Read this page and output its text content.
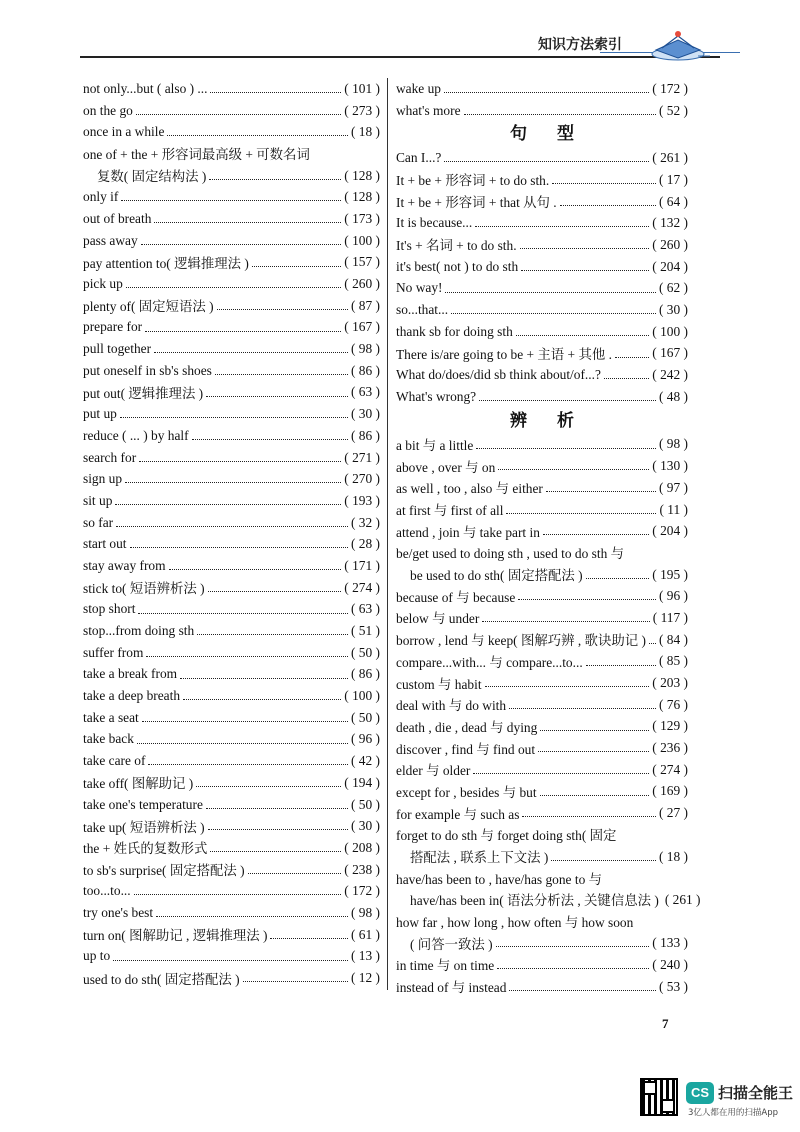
知识方法索引
not only...but ( also ) ...	( 101 )
on the go	( 273 )
once in a while	( 18 )
one of + the + 形容词最高级 + 可数名词
复数( 固定结构法 )	( 128 )
only if	( 128 )
out of breath	( 173 )
pass away	( 100 )
pay attention to( 逻辑推理法 )	( 157 )
pick up	( 260 )
plenty of( 固定短语法 )	( 87 )
prepare for	( 167 )
pull together	( 98 )
put oneself in sb's shoes	( 86 )
put out( 逻辑推理法 )	( 63 )
put up	( 30 )
reduce ( ... ) by half	( 86 )
search for	( 271 )
sign up	( 270 )
sit up	( 193 )
so far	( 32 )
start out	( 28 )
stay away from	( 171 )
stick to( 短语辨析法 )	( 274 )
stop short	( 63 )
stop...from doing sth	( 51 )
suffer from	( 50 )
take a break from	( 86 )
take a deep breath	( 100 )
take a seat	( 50 )
take back	( 96 )
take care of	( 42 )
take off( 图解助记 )	( 194 )
take one's temperature	( 50 )
take up( 短语辨析法 )	( 30 )
the + 姓氏的复数形式	( 208 )
to sb's surprise( 固定搭配法 )	( 238 )
too...to...	( 172 )
try one's best	( 98 )
turn on( 图解助记 , 逻辑推理法 )	( 61 )
up to	( 13 )
used to do sth( 固定搭配法 )	( 12 )
wake up	( 172 )
what's more	( 52 )
句 型
Can I...?	( 261 )
It + be + 形容词 + to do sth.	( 17 )
It + be + 形容词 + that 从句 .	( 64 )
It is because...	( 132 )
It's + 名词 + to do sth.	( 260 )
it's best( not ) to do sth	( 204 )
No way!	( 62 )
so...that...	( 30 )
thank sb for doing sth	( 100 )
There is/are going to be + 主语 + 其他 .	( 167 )
What do/does/did sb think about/of...?	( 242 )
What's wrong?	( 48 )
辨 析
a bit 与 a little	( 98 )
above , over 与 on	( 130 )
as well , too , also 与 either	( 97 )
at first 与 first of all	( 11 )
attend , join 与 take part in	( 204 )
be/get used to doing sth , used to do sth 与
be used to do sth( 固定搭配法 )	( 195 )
because of 与 because	( 96 )
below 与 under	( 117 )
borrow , lend 与 keep( 图解巧辨 , 歌诀助记 ) ( 84 )
compare...with... 与 compare...to...	( 85 )
custom 与 habit	( 203 )
deal with 与 do with	( 76 )
death , die , dead 与 dying	( 129 )
discover , find 与 find out	( 236 )
elder 与 older	( 274 )
except for , besides 与 but	( 169 )
for example 与 such as	( 27 )
forget to do sth 与 forget doing sth( 固定
搭配法 , 联系上下文法 )	( 18 )
have/has been to , have/has gone to 与
have/has been in( 语法分析法 , 关键信息法 ) ( 261 )
how far , how long , how often 与 how soon
( 问答一致法 )	( 133 )
in time 与 on time	( 240 )
instead of 与 instead	( 53 )
7
CS 扫描全能王
3亿人都在用的扫描App
